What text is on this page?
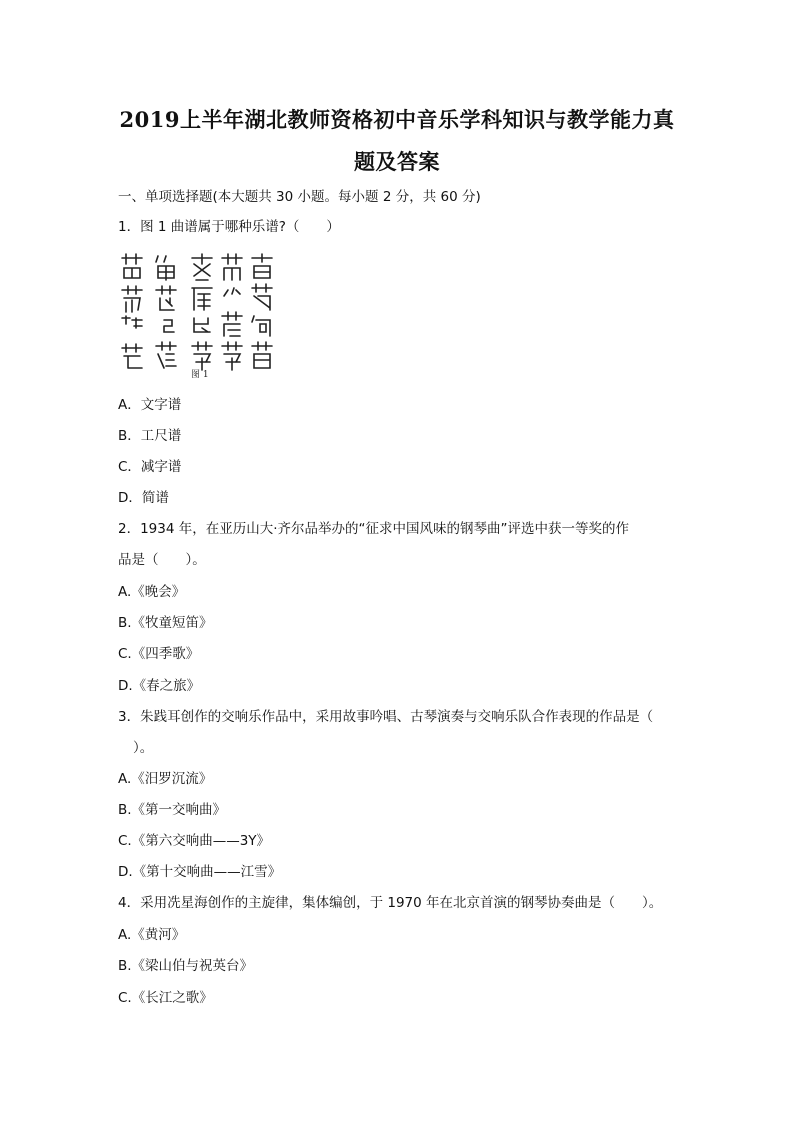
2019上半年湖北教师资格初中音乐学科知识与教学能力真
题及答案
一、单项选择题(本大题共 30 小题。每小题 2 分，共 60 分)
1．图 1 曲谱属于哪种乐谱?（　　）
图 1
A．文字谱
B．工尺谱
C．减字谱
D．简谱
2．1934 年，在亚历山大·齐尔品举办的“征求中国风味的钢琴曲”评选中获一等奖的作
品是（　　）。
A.《晚会》
B.《牧童短笛》
C.《四季歌》
D.《春之旅》
3．朱践耳创作的交响乐作品中，采用故事吟唱、古琴演奏与交响乐队合作表现的作品是（
）。
A.《汨罗沉流》
B.《第一交响曲》
C.《第六交响曲——3Y》
D.《第十交响曲——江雪》
4．采用冼星海创作的主旋律，集体编创，于 1970 年在北京首演的钢琴协奏曲是（　　）。
A.《黄河》
B.《梁山伯与祝英台》
C.《长江之歌》
